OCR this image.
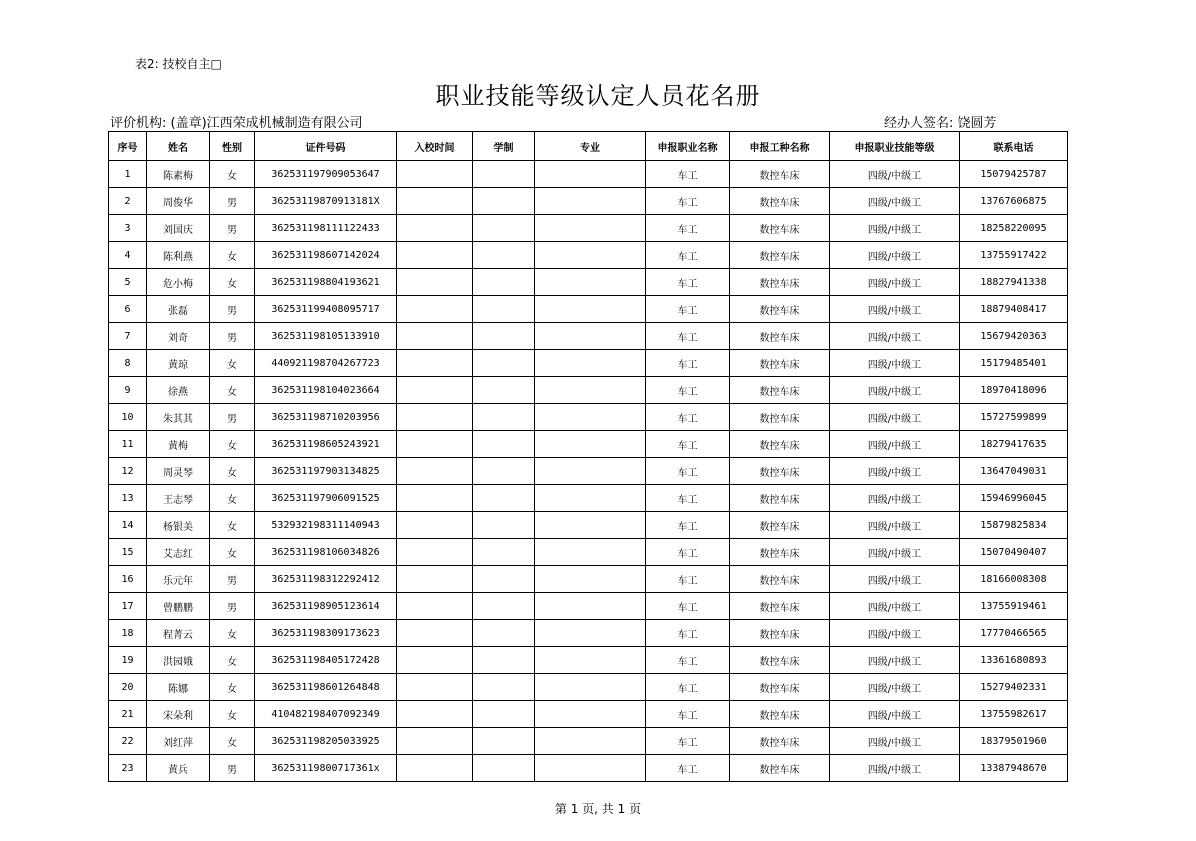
表2: 技校自主□
职业技能等级认定人员花名册
评价机构: (盖章)江西荣成机械制造有限公司	经办人签名: 饶圆芳
序号	姓名	性别	证件号码	入校时间	学制	专业	申报职业名称	申报工种名称	申报职业技能等级	联系电话
1	陈素梅	女	362531197909053647				车工	数控车床	四级/中级工	15079425787
2	周俊华	男	36253119870913181X				车工	数控车床	四级/中级工	13767606875
3	刘国庆	男	362531198111122433				车工	数控车床	四级/中级工	18258220095
4	陈利燕	女	362531198607142024				车工	数控车床	四级/中级工	13755917422
5	危小梅	女	362531198804193621				车工	数控车床	四级/中级工	18827941338
6	张磊	男	362531199408095717				车工	数控车床	四级/中级工	18879408417
7	刘奇	男	362531198105133910				车工	数控车床	四级/中级工	15679420363
8	黄琼	女	440921198704267723				车工	数控车床	四级/中级工	15179485401
9	徐燕	女	362531198104023664				车工	数控车床	四级/中级工	18970418096
10	朱其其	男	362531198710203956				车工	数控车床	四级/中级工	15727599899
11	黄梅	女	362531198605243921				车工	数控车床	四级/中级工	18279417635
12	周灵琴	女	362531197903134825				车工	数控车床	四级/中级工	13647049031
13	王志琴	女	362531197906091525				车工	数控车床	四级/中级工	15946996045
14	杨银美	女	532932198311140943				车工	数控车床	四级/中级工	15879825834
15	艾志红	女	362531198106034826				车工	数控车床	四级/中级工	15070490407
16	乐元年	男	362531198312292412				车工	数控车床	四级/中级工	18166008308
17	曾鹏鹏	男	362531198905123614				车工	数控车床	四级/中级工	13755919461
18	程菁云	女	362531198309173623				车工	数控车床	四级/中级工	17770466565
19	洪园娥	女	362531198405172428				车工	数控车床	四级/中级工	13361680893
20	陈娜	女	362531198601264848				车工	数控车床	四级/中级工	15279402331
21	宋朵利	女	410482198407092349				车工	数控车床	四级/中级工	13755982617
22	刘红萍	女	362531198205033925				车工	数控车床	四级/中级工	18379501960
23	黄兵	男	36253119800717361x				车工	数控车床	四级/中级工	13387948670
第 1 页, 共 1 页
